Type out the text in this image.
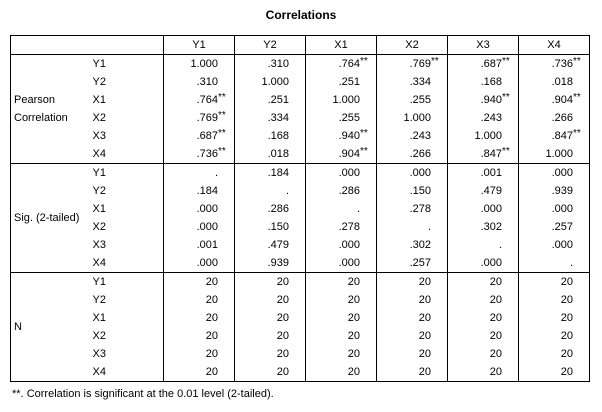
Correlations
		Y1	Y2	X1	X2	X3	X4
Pearson Correlation	Y1	1.000	.310	.764**	.769**	.687**	.736**
	Y2	.310	1.000	.251	.334	.168	.018
	X1	.764**	.251	1.000	.255	.940**	.904**
	X2	.769**	.334	.255	1.000	.243	.266
	X3	.687**	.168	.940**	.243	1.000	.847**
	X4	.736**	.018	.904**	.266	.847**	1.000
Sig. (2-tailed)	Y1	.	.184	.000	.000	.001	.000
	Y2	.184	.	.286	.150	.479	.939
	X1	.000	.286	.	.278	.000	.000
	X2	.000	.150	.278	.	.302	.257
	X3	.001	.479	.000	.302	.	.000
	X4	.000	.939	.000	.257	.000	.
N	Y1	20	20	20	20	20	20
	Y2	20	20	20	20	20	20
	X1	20	20	20	20	20	20
	X2	20	20	20	20	20	20
	X3	20	20	20	20	20	20
	X4	20	20	20	20	20	20
**. Correlation is significant at the 0.01 level (2-tailed).
